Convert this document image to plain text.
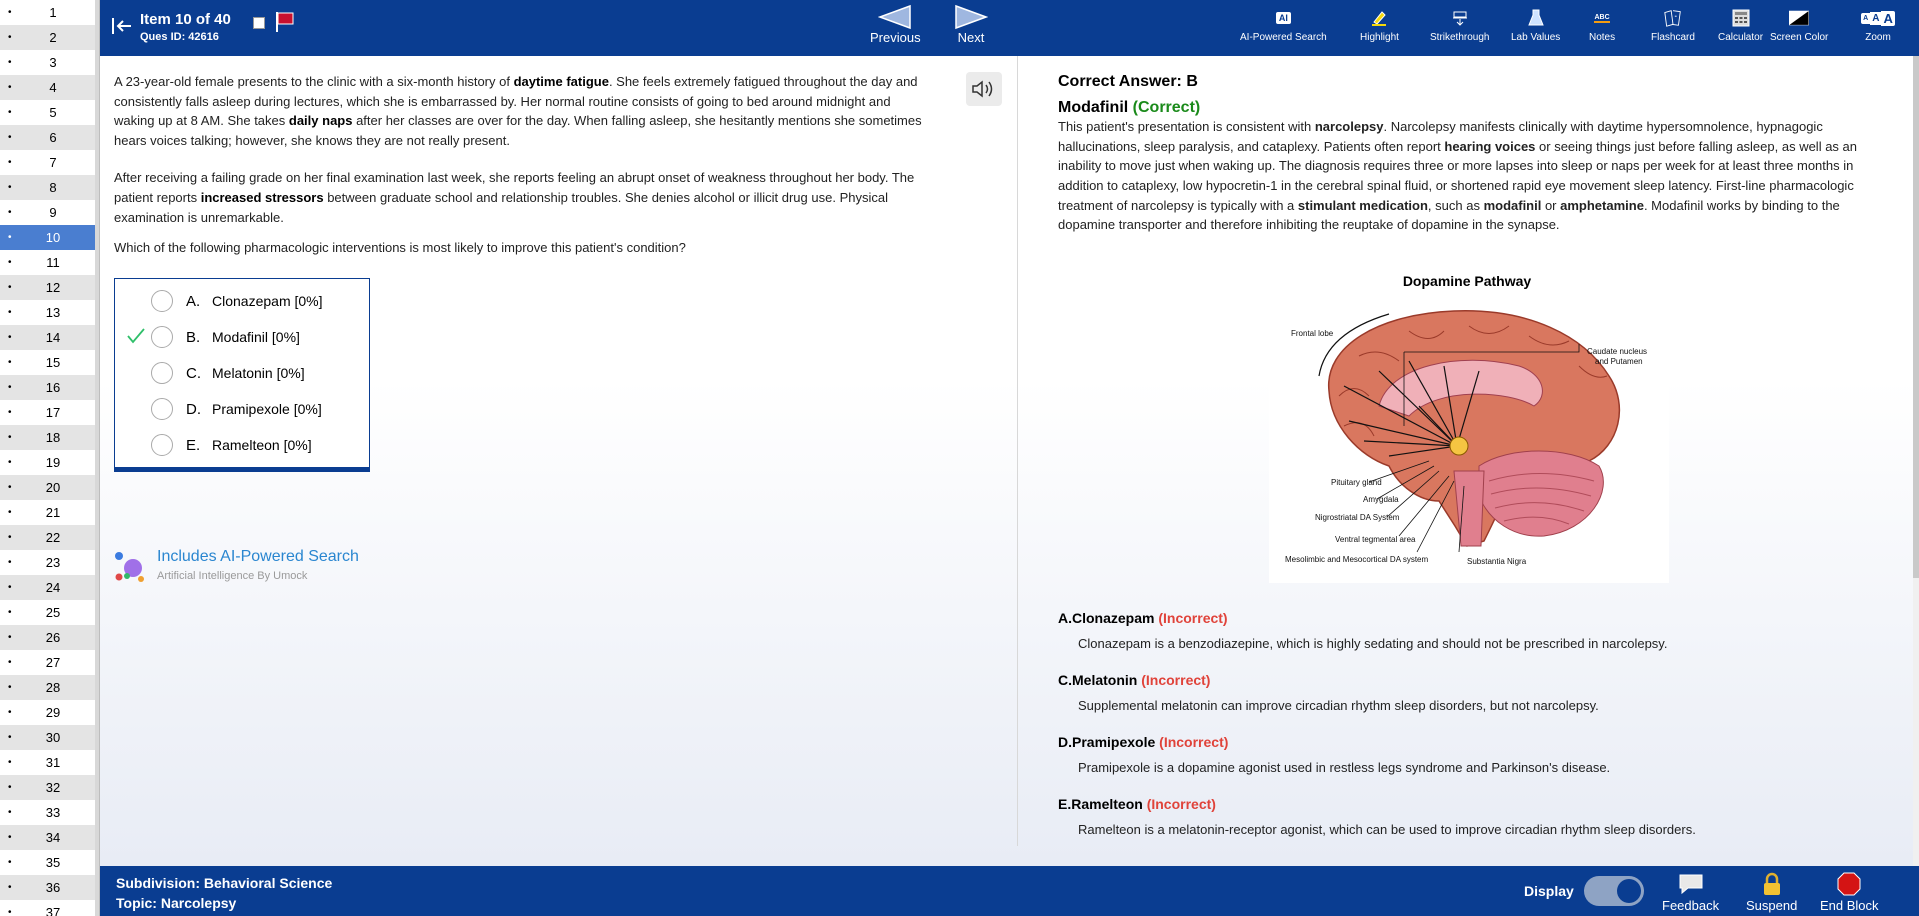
•	1
•	2
•	3
•	4
•	5
•	6
•	7
•	8
•	9
•	10
•	11
•	12
•	13
•	14
•	15
•	16
•	17
•	18
•	19
•	20
•	21
•	22
•	23
•	24
•	25
•	26
•	27
•	28
•	29
•	30
•	31
•	32
•	33
•	34
•	35
•	36
•	37
Item 10 of 40
Ques ID: 42616	Previous	Next
AI
AI-Powered Search	Highlight	Strikethrough Lab Values
ABC
Notes	Flashcard Calculator Screen Color
A A A
Zoom

A 23-year-old female presents to the clinic with a six-month history of daytime fatigue. She feels extremely fatigued throughout the day and consistently falls asleep during lectures, which she is embarrassed by. Her normal routine consists of going to bed around midnight and waking up at 8 AM. She takes daily naps after her classes are over for the day. When falling asleep, she hesitantly mentions she sometimes hears voices talking; however, she knows they are not really present.

After receiving a failing grade on her final examination last week, she reports feeling an abrupt onset of weakness throughout her body. The patient reports increased stressors between graduate school and relationship troubles. She denies alcohol or illicit drug use. Physical examination is unremarkable.

Which of the following pharmacologic interventions is most likely to improve this patient's condition?

A. Clonazepam [0%]
B. Modafinil [0%]
C. Melatonin [0%]
D. Pramipexole [0%]
E. Ramelteon [0%]
Includes AI-Powered Search
Artificial Intelligence By Umock
Correct Answer: B
Modafinil (Correct)

This patient's presentation is consistent with narcolepsy. Narcolepsy manifests clinically with daytime hypersomnolence, hypnagogic hallucinations, sleep paralysis, and cataplexy. Patients often report hearing voices or seeing things just before falling asleep, as well as an inability to move just when waking up. The diagnosis requires three or more lapses into sleep or naps per week for at least three months in addition to cataplexy, low hypocretin-1 in the cerebral spinal fluid, or shortened rapid eye movement sleep latency. First-line pharmacologic treatment of narcolepsy is typically with a stimulant medication, such as modafinil or amphetamine. Modafinil works by binding to the dopamine transporter and therefore inhibiting the reuptake of dopamine in the synapse.

Dopamine Pathway
Frontal lobe
Caudate nucleus
and Putamen
Pituitary gland
Amygdala
Nigrostriatal DA System
Ventral tegmental area
Mesolimbic and Mesocortical DA system	Substantia Nigra
A.Clonazepam (Incorrect)
Clonazepam is a benzodiazepine, which is highly sedating and should not be prescribed in narcolepsy.
C.Melatonin (Incorrect)
Supplemental melatonin can improve circadian rhythm sleep disorders, but not narcolepsy.
D.Pramipexole (Incorrect)
Pramipexole is a dopamine agonist used in restless legs syndrome and Parkinson's disease.
E.Ramelteon (Incorrect)
Ramelteon is a melatonin-receptor agonist, which can be used to improve circadian rhythm sleep disorders.
Subdivision: Behavioral Science
Topic: Narcolepsy
Display
Feedback Suspend End Block
